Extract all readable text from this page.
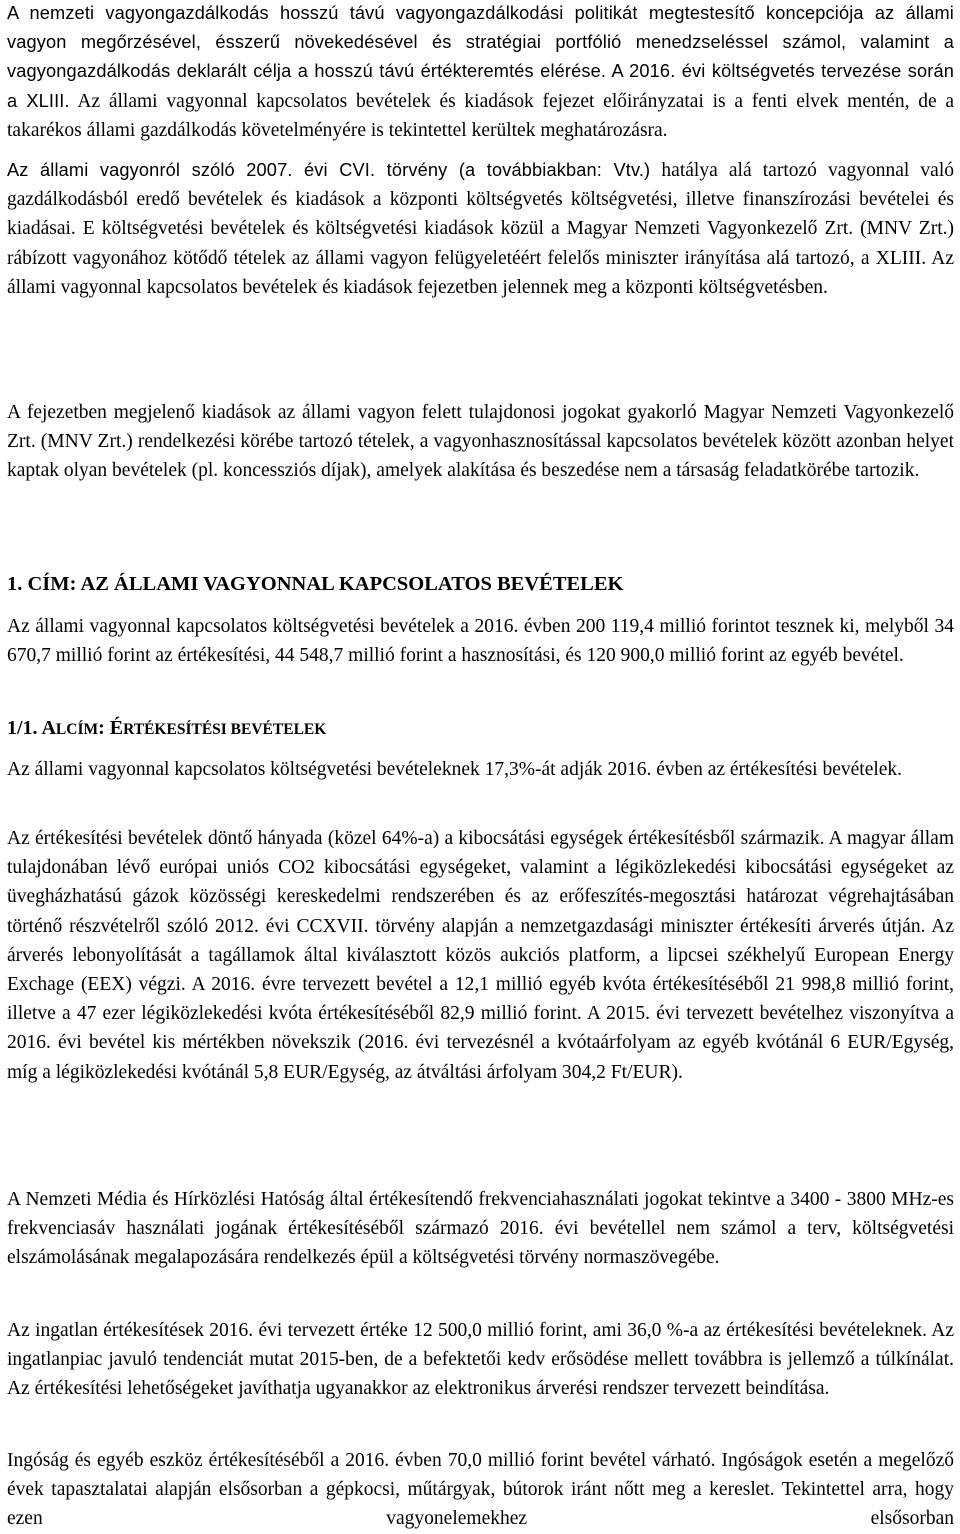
A nemzeti vagyongazdálkodás hosszú távú vagyongazdálkodási politikát megtestesítő koncepciója az állami vagyon megőrzésével, ésszerű növekedésével és stratégiai portfólió menedzseléssel számol, valamint a vagyongazdálkodás deklarált célja a hosszú távú értékteremtés elérése. A 2016. évi költségvetés tervezése során a XLIII. Az állami vagyonnal kapcsolatos bevételek és kiadások fejezet előirányzatai is a fenti elvek mentén, de a takarékos állami gazdálkodás követelményére is tekintettel kerültek meghatározásra.

Az állami vagyonról szóló 2007. évi CVI. törvény (a továbbiakban: Vtv.) hatálya alá tartozó vagyonnal való gazdálkodásból eredő bevételek és kiadások a központi költségvetés költségvetési, illetve finanszírozási bevételei és kiadásai. E költségvetési bevételek és költségvetési kiadások közül a Magyar Nemzeti Vagyonkezelő Zrt. (MNV Zrt.) rábízott vagyonához kötődő tételek az állami vagyon felügyeletéért felelős miniszter irányítása alá tartozó, a XLIII. Az állami vagyonnal kapcsolatos bevételek és kiadások fejezetben jelennek meg a központi költségvetésben.

A fejezetben megjelenő kiadások az állami vagyon felett tulajdonosi jogokat gyakorló Magyar Nemzeti Vagyonkezelő Zrt. (MNV Zrt.) rendelkezési körébe tartozó tételek, a vagyonhasznosítással kapcsolatos bevételek között azonban helyet kaptak olyan bevételek (pl. koncessziós díjak), amelyek alakítása és beszedése nem a társaság feladatkörébe tartozik.

1. CÍM: AZ ÁLLAMI VAGYONNAL KAPCSOLATOS BEVÉTELEK

Az állami vagyonnal kapcsolatos költségvetési bevételek a 2016. évben 200 119,4 millió forintot tesznek ki, melyből 34 670,7 millió forint az értékesítési, 44 548,7 millió forint a hasznosítási, és 120 900,0 millió forint az egyéb bevétel.

1/1. ALCÍM: ÉRTÉKESÍTÉSI BEVÉTELEK

Az állami vagyonnal kapcsolatos költségvetési bevételeknek 17,3%-át adják 2016. évben az értékesítési bevételek.

Az értékesítési bevételek döntő hányada (közel 64%-a) a kibocsátási egységek értékesítésből származik. A magyar állam tulajdonában lévő európai uniós CO2 kibocsátási egységeket, valamint a légiközlekedési kibocsátási egységeket az üvegházhatású gázok közösségi kereskedelmi rendszerében és az erőfeszítés-megosztási határozat végrehajtásában történő részvételről szóló 2012. évi CCXVII. törvény alapján a nemzetgazdasági miniszter értékesíti árverés útján. Az árverés lebonyolítását a tagállamok által kiválasztott közös aukciós platform, a lipcsei székhelyű European Energy Exchage (EEX) végzi. A 2016. évre tervezett bevétel a 12,1 millió egyéb kvóta értékesítéséből 21 998,8 millió forint, illetve a 47 ezer légiközlekedési kvóta értékesítéséből 82,9 millió forint. A 2015. évi tervezett bevételhez viszonyítva a 2016. évi bevétel kis mértékben növekszik (2016. évi tervezésnél a kvótaárfolyam az egyéb kvótánál 6 EUR/Egység, míg a légiközlekedési kvótánál 5,8 EUR/Egység, az átváltási árfolyam 304,2 Ft/EUR).

A Nemzeti Média és Hírközlési Hatóság által értékesítendő frekvenciahasználati jogokat tekintve a 3400 - 3800 MHz-es frekvenciasáv használati jogának értékesítéséből származó 2016. évi bevétellel nem számol a terv, költségvetési elszámolásának megalapozására rendelkezés épül a költségvetési törvény normaszövegébe.

Az ingatlan értékesítések 2016. évi tervezett értéke 12 500,0 millió forint, ami 36,0 %-a az értékesítési bevételeknek. Az ingatlanpiac javuló tendenciát mutat 2015-ben, de a befektetői kedv erősödése mellett továbbra is jellemző a túlkínálat. Az értékesítési lehetőségeket javíthatja ugyanakkor az elektronikus árverési rendszer tervezett beindítása.

Ingóság és egyéb eszköz értékesítéséből a 2016. évben 70,0 millió forint bevétel várható. Ingóságok esetén a megelőző évek tapasztalatai alapján elsősorban a gépkocsi, műtárgyak, bútorok iránt nőtt meg a kereslet. Tekintettel arra, hogy ezen vagyonelemekhez elsősorban
